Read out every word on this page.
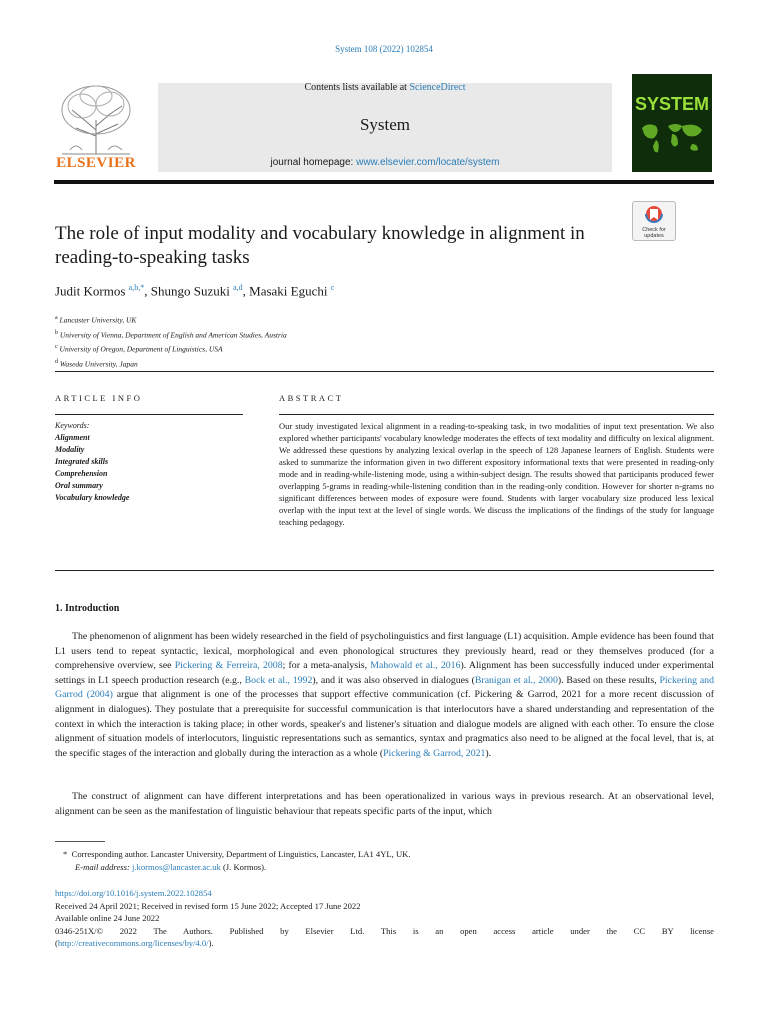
System 108 (2022) 102854
ELSEVIER
Contents lists available at ScienceDirect
System
journal homepage: www.elsevier.com/locate/system
SYSTEM
Check for updates
The role of input modality and vocabulary knowledge in alignment in reading-to-speaking tasks
Judit Kormos $^{a,b,*}$, Shungo Suzuki $^{a,d}$, Masaki Eguchi $^c$
$^a$ Lancaster University, UK
$^b$ University of Vienna, Department of English and American Studies, Austria
$^c$ University of Oregon, Department of Linguistics, USA
$^d$ Waseda University, Japan
ARTICLE INFO	ABSTRACT
Keywords:
Alignment
Modality
Integrated skills
Comprehension
Oral summary
Vocabulary knowledge
Our study investigated lexical alignment in a reading-to-speaking task, in two modalities of input text presentation. We also explored whether participants' vocabulary knowledge moderates the effects of text modality and difficulty on lexical alignment. We addressed these questions by analyzing lexical overlap in the speech of 128 Japanese learners of English. Students were asked to summarize the information given in two different expository informational texts that were presented in reading-only mode and in reading-while-listening mode, using a within-subject design. The results showed that participants produced fewer overlapping 5-grams in reading-while-listening condition than in the reading-only condition. However for shorter n-grams no significant differences between modes of exposure were found. Students with larger vocabulary size produced less lexical overlap with the input text at the level of single words. We discuss the implications of the findings of the study for language teaching pedagogy.
1. Introduction
The phenomenon of alignment has been widely researched in the field of psycholinguistics and first language (L1) acquisition. Ample evidence has been found that L1 users tend to repeat syntactic, lexical, morphological and even phonological structures they previously heard, read or they themselves produced (for a comprehensive overview, see Pickering & Ferreira, 2008; for a meta-analysis, Mahowald et al., 2016). Alignment has been successfully induced under experimental settings in L1 speech production research (e.g., Bock et al., 1992), and it was also observed in dialogues (Branigan et al., 2000). Based on these results, Pickering and Garrod (2004) argue that alignment is one of the processes that support effective communication (cf. Pickering & Garrod, 2021 for a more recent discussion of alignment in dialogues). They postulate that a prerequisite for successful communication is that interlocutors have a shared understanding and representation of the context in which the interaction is taking place; in other words, speaker's and listener's situation and dialogue models are aligned with each other. To ensure the close alignment of situation models of interlocutors, linguistic representations such as semantics, syntax and pragmatics also need to be aligned at the focal level, that is, at the specific stages of the interaction and globally during the interaction as a whole (Pickering & Garrod, 2021).
The construct of alignment can have different interpretations and has been operationalized in various ways in previous research. At an observational level, alignment can be seen as the manifestation of linguistic behaviour that repeats specific parts of the input, which
* Corresponding author. Lancaster University, Department of Linguistics, Lancaster, LA1 4YL, UK.
E-mail address: j.kormos@lancaster.ac.uk (J. Kormos).
https://doi.org/10.1016/j.system.2022.102854
Received 24 April 2021; Received in revised form 15 June 2022; Accepted 17 June 2022
Available online 24 June 2022
0346-251X/© 2022 The Authors. Published by Elsevier Ltd. This is an open access article under the CC BY license
(http://creativecommons.org/licenses/by/4.0/).
